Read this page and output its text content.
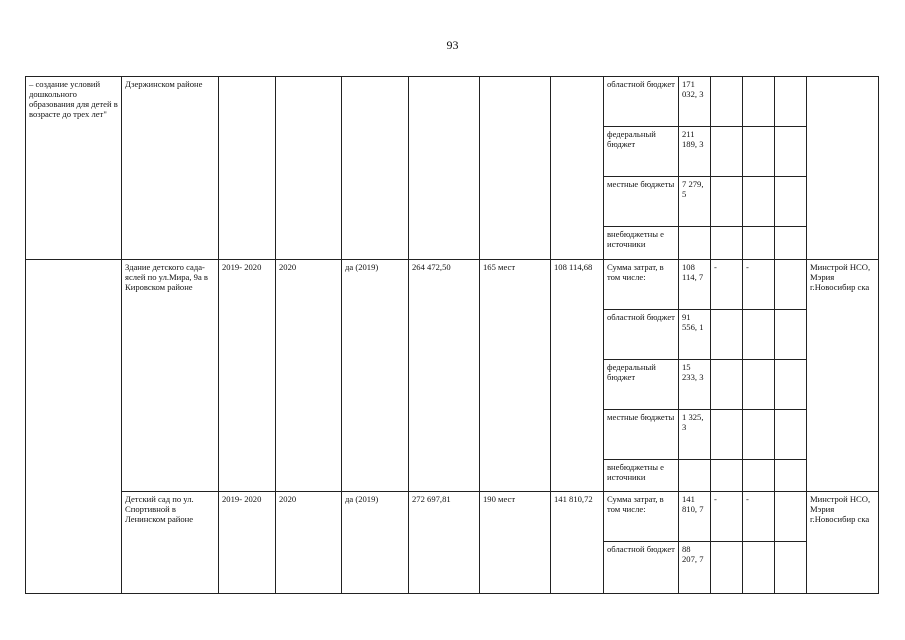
93
– создание условий дошкольного образования для детей в возрасте до трех лет"	Дзержинском районе							областной бюджет	171 032, 3				
								федеральный бюджет	211 189, 3				
								местные бюджеты	7 279, 5				
								внебюджетны е источники					
	Здание детского сада-яслей по ул.Мира, 9а в Кировском районе	2019- 2020	2020	да (2019)	264 472,50	165 мест	108 114,68	Сумма затрат, в том числе:	108 114, 7	-	-		Минстрой НСО, Мэрия г.Новосибир ска
								областной бюджет	91 556, 1				
								федеральный бюджет	15 233, 3				
								местные бюджеты	1 325, 3				
								внебюджетны е источники					
	Детский сад по ул. Спортивной в Ленинском районе	2019- 2020	2020	да (2019)	272 697,81	190 мест	141 810,72	Сумма затрат, в том числе:	141 810, 7	-	-		Минстрой НСО, Мэрия г.Новосибир ска
								областной бюджет	88 207, 7				
